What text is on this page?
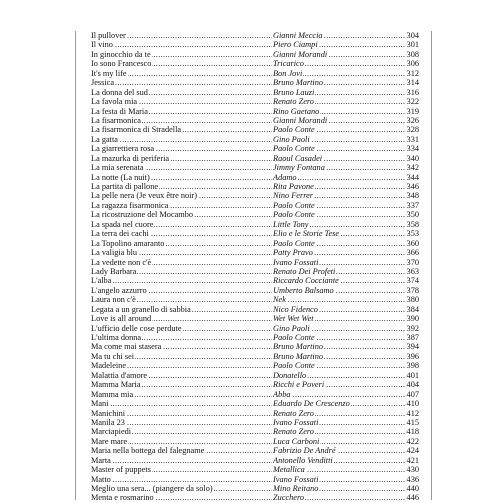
.....
Il pullover	Gianni Meccia	304
.....
Il vino	Piero Ciampi	301
.....
In ginocchio da te	Gianni Morandi	308
.....
Io sono Francesco	Tricarico	306
.....
It's my life	Bon Jovi	312
.....
Jessica	Bruno Martino	314
.....
La donna del sud	Bruno Lauzi	316
.....
La favola mia	Renato Zero	322
.....
La festa di Maria	Rino Gaetano	319
.....
La fisarmonica	Gianni Morandi	326
.....
La fisarmonica di Stradella	Paolo Conte	328
.....
La gatta	Gino Paoli	331
.....
La giarrettiera rosa	Paolo Conte	334
.....
La mazurka di periferia	Raoul Casadei	340
.....
La mia serenata	Jimmy Fontana	342
.....
La notte (La nuit)	Adamo	344
.....
La partita di pallone	Rita Pavone	346
.....
La pelle nera (Je veux être noir)	Nino Ferrer	348
.....
La ragazza fisarmonica	Paolo Conte	337
.....
La ricostruzione del Mocambo	Paolo Conte	350
.....
La spada nel cuore	Little Tony	358
.....
La terra dei cachi	Elio e le Storie Tese	353
.....
La Topolino amaranto	Paolo Conte	360
.....
La valigia blu	Patty Pravo	366
.....
La vedette non c'è	Ivano Fossati	370
.....
Lady Barbara	Renato Dei Profeti	363
.....
L'alba	Riccardo Cocciante	374
.....
L'angelo azzurro	Umberto Balsamo	378
.....
Laura non c'è	Nek	380
.....
Legata a un granello di sabbia	Nico Fidenco	384
.....
Love is all around	Wet Wet Wet	390
.....
L'ufficio delle cose perdute	Gino Paoli	392
.....
L'ultima donna	Paolo Conte	387
.....
Ma come mai stasera	Bruno Martino	394
.....
Ma tu chi sei	Bruno Martino	396
.....
Madeleine	Paolo Conte	398
.....
Malattia d'amore	Donatello	401
.....
Mamma Maria	Ricchi e Poveri	404
.....
Mamma mia	Abba	407
.....
Mani	Eduardo De Crescenzo	410
.....
Manichini	Renato Zero	412
.....
Manila 23	Ivano Fossati	415
.....
Marciapiedi	Renato Zero	418
.....
Mare mare	Luca Carboni	422
.....
Maria nella bottega del falegname	Fabrizio De André	424
.....
Marta	Antonello Venditti	421
.....
Master of puppets	Metallica	430
.....
Matto	Ivano Fossati	436
.....
Meglio una sera... (piangere da solo)	Mino Reitano	440
.....
Menta e rosmarino	Zucchero	446
